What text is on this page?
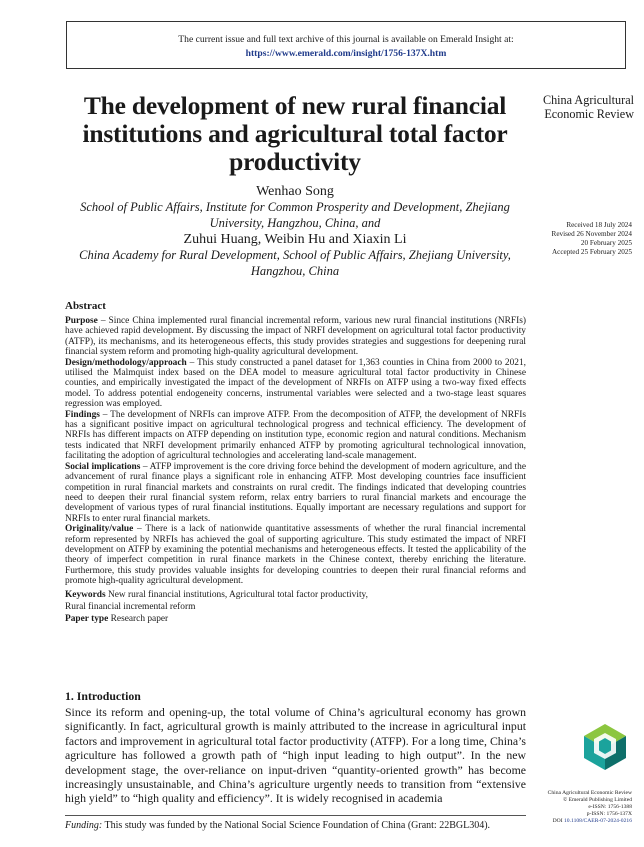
The current issue and full text archive of this journal is available on Emerald Insight at:
https://www.emerald.com/insight/1756-137X.htm
The development of new rural financial institutions and agricultural total factor productivity
China Agricultural Economic Review
Wenhao Song
School of Public Affairs, Institute for Common Prosperity and Development, Zhejiang University, Hangzhou, China, and
Zuhui Huang, Weibin Hu and Xiaxin Li
China Academy for Rural Development, School of Public Affairs, Zhejiang University, Hangzhou, China
Received 18 July 2024
Revised 26 November 2024
20 February 2025
Accepted 25 February 2025
Abstract

Purpose – Since China implemented rural financial incremental reform, various new rural financial institutions (NRFIs) have achieved rapid development. By discussing the impact of NRFI development on agricultural total factor productivity (ATFP), its mechanisms, and its heterogeneous effects, this study provides strategies and suggestions for deepening rural financial system reform and promoting high-quality agricultural development.

Design/methodology/approach – This study constructed a panel dataset for 1,363 counties in China from 2000 to 2021, utilised the Malmquist index based on the DEA model to measure agricultural total factor productivity in Chinese counties, and empirically investigated the impact of the development of NRFIs on ATFP using a two-way fixed effects model. To address potential endogeneity concerns, instrumental variables were selected and a two-stage least squares regression was employed.

Findings – The development of NRFIs can improve ATFP. From the decomposition of ATFP, the development of NRFIs has a significant positive impact on agricultural technological progress and technical efficiency. The development of NRFIs has different impacts on ATFP depending on institution type, economic region and natural conditions. Mechanism tests indicated that NRFI development primarily enhanced ATFP by promoting agricultural technological innovation, facilitating the adoption of agricultural technologies and accelerating land-scale management.

Social implications – ATFP improvement is the core driving force behind the development of modern agriculture, and the advancement of rural finance plays a significant role in enhancing ATFP. Most developing countries face insufficient competition in rural financial markets and constraints on rural credit. The findings indicated that developing countries need to deepen their rural financial system reform, relax entry barriers to rural financial markets and encourage the development of various types of rural financial institutions. Equally important are necessary regulations and support for NRFIs to enter rural financial markets.

Originality/value – There is a lack of nationwide quantitative assessments of whether the rural financial incremental reform represented by NRFIs has achieved the goal of supporting agriculture. This study estimated the impact of NRFI development on ATFP by examining the potential mechanisms and heterogeneous effects. It tested the applicability of the theory of imperfect competition in rural finance markets in the Chinese context, thereby enriching the literature. Furthermore, this study provides valuable insights for developing countries to deepen their rural financial reforms and promote high-quality agricultural development.

Keywords New rural financial institutions, Agricultural total factor productivity,

Rural financial incremental reform

Paper type Research paper

1. Introduction

Since its reform and opening-up, the total volume of China’s agricultural economy has grown significantly. In fact, agricultural growth is mainly attributed to the increase in agricultural input factors and improvement in agricultural total factor productivity (ATFP). For a long time, China’s agriculture has followed a growth path of “high input leading to high output”. In the new development stage, the over-reliance on input-driven “quantity-oriented growth” has become increasingly unsustainable, and China’s agriculture urgently needs to transition from “extensive high yield” to “high quality and efficiency”. It is widely recognised in academia

Funding: This study was funded by the National Social Science Foundation of China (Grant: 22BGL304).
China Agricultural Economic Review
© Emerald Publishing Limited
e-ISSN: 1756-1388
p-ISSN: 1756-137X
DOI 10.1108/CAER-07-2024-0216
